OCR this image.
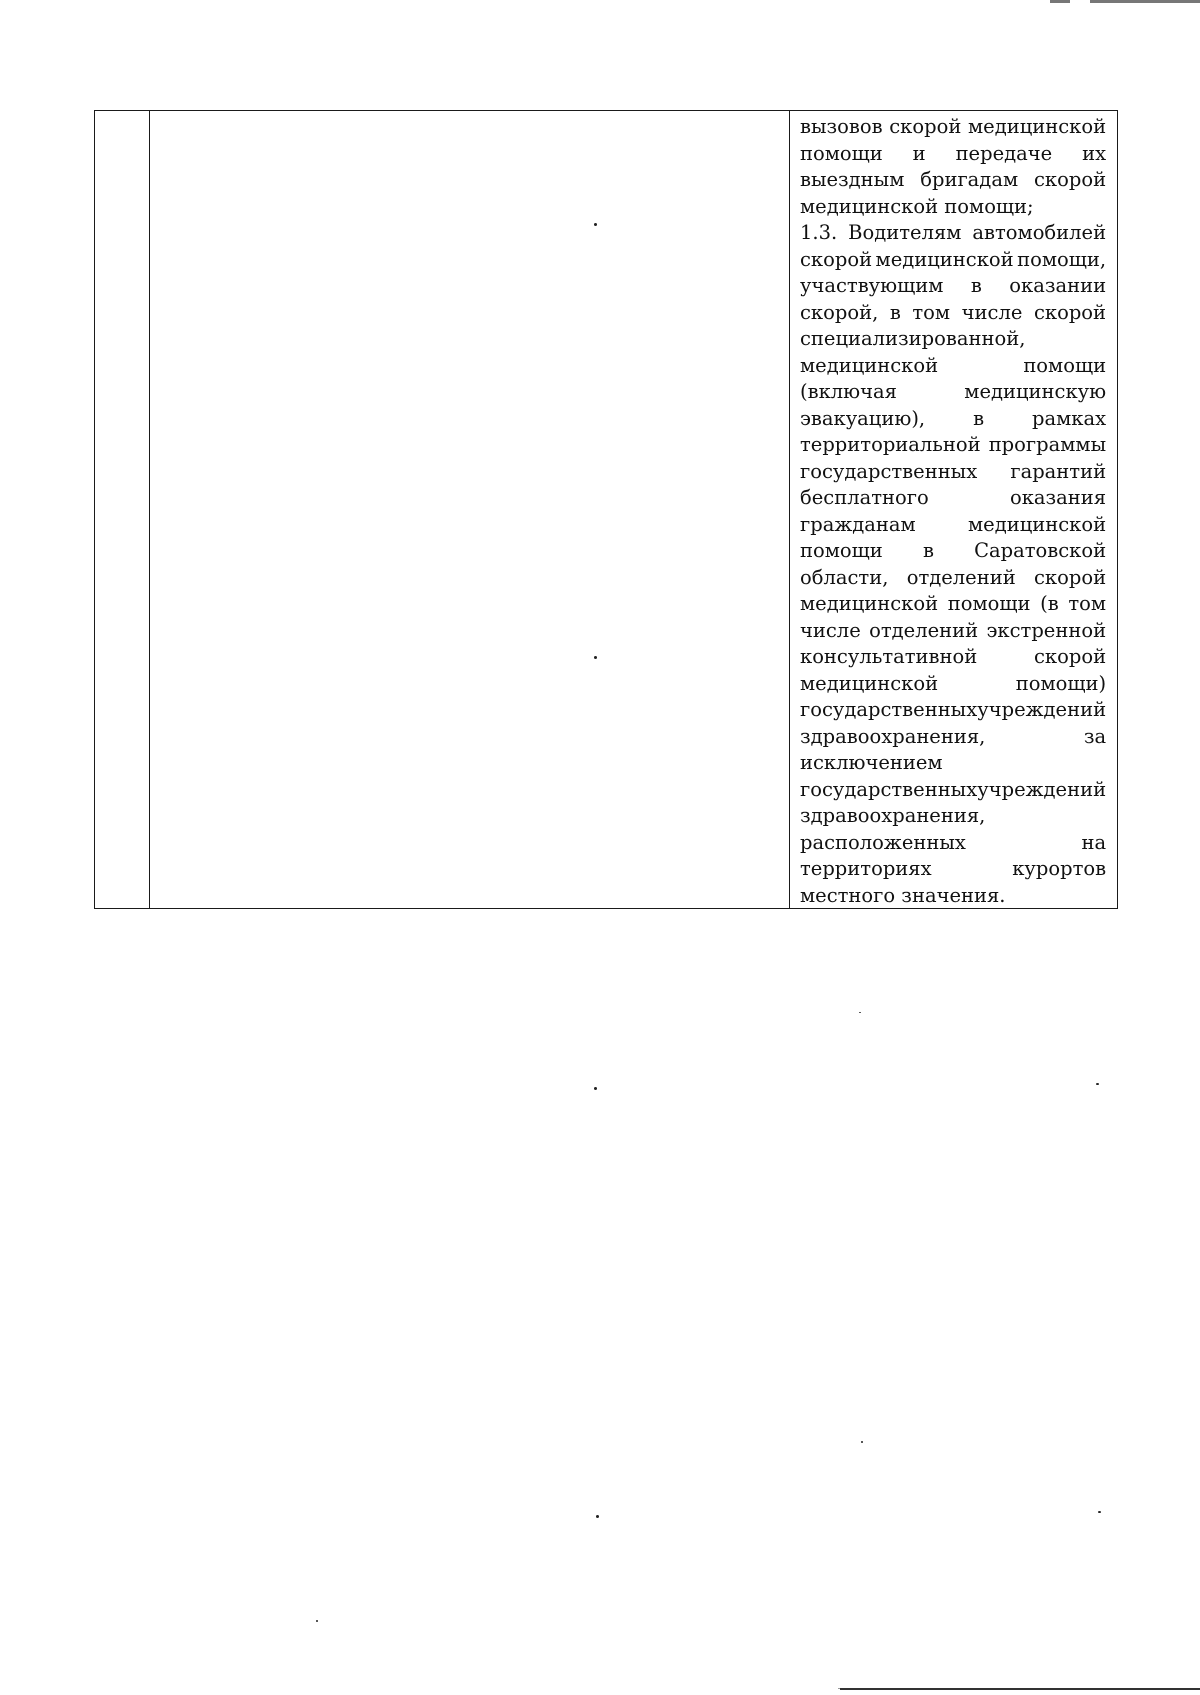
вызовов скорой медицинской
помощи и передаче их
выездным бригадам скорой
медицинской помощи;
1.3. Водителям автомобилей
скорой медицинской помощи,
участвующим в оказании
скорой, в том числе скорой
специализированной,
медицинской	помощи
(включая	медицинскую
эвакуацию), в рамках
территориальной программы
государственных гарантий
бесплатного	оказания
гражданам	медицинской
помощи в Саратовской
области, отделений скорой
медицинской помощи (в том
числе отделений экстренной
консультативной	скорой
медицинской	помощи)
государственных учреждений
здравоохранения,	за
исключением
государственных учреждений
здравоохранения,
расположенных	на
территориях	курортов
местного значения.
